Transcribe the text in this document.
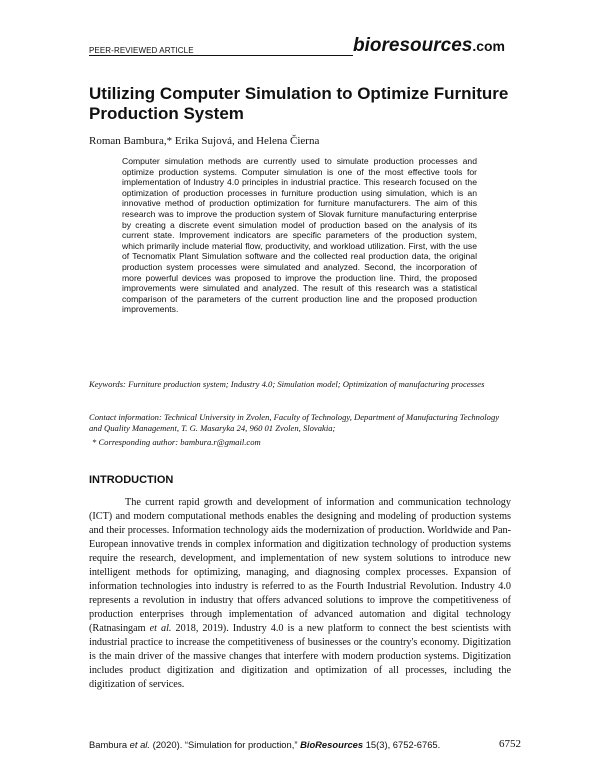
PEER-REVIEWED ARTICLE	bioresources.com
Utilizing Computer Simulation to Optimize Furniture Production System
Roman Bambura,* Erika Sujová, and Helena Čierna
Computer simulation methods are currently used to simulate production processes and optimize production systems. Computer simulation is one of the most effective tools for implementation of Industry 4.0 principles in industrial practice. This research focused on the optimization of production processes in furniture production using simulation, which is an innovative method of production optimization for furniture manufacturers. The aim of this research was to improve the production system of Slovak furniture manufacturing enterprise by creating a discrete event simulation model of production based on the analysis of its current state. Improvement indicators are specific parameters of the production system, which primarily include material flow, productivity, and workload utilization. First, with the use of Tecnomatix Plant Simulation software and the collected real production data, the original production system processes were simulated and analyzed. Second, the incorporation of more powerful devices was proposed to improve the production line. Third, the proposed improvements were simulated and analyzed. The result of this research was a statistical comparison of the parameters of the current production line and the proposed production improvements.
Keywords: Furniture production system; Industry 4.0; Simulation model; Optimization of manufacturing processes
Contact information: Technical University in Zvolen, Faculty of Technology, Department of Manufacturing Technology and Quality Management, T. G. Masaryka 24, 960 01 Zvolen, Slovakia;
* Corresponding author: bambura.r@gmail.com
INTRODUCTION
The current rapid growth and development of information and communication technology (ICT) and modern computational methods enables the designing and modeling of production systems and their processes. Information technology aids the modernization of production. Worldwide and Pan-European innovative trends in complex information and digitization technology of production systems require the research, development, and implementation of new system solutions to introduce new intelligent methods for optimizing, managing, and diagnosing complex processes. Expansion of information technologies into industry is referred to as the Fourth Industrial Revolution. Industry 4.0 represents a revolution in industry that offers advanced solutions to improve the competitiveness of production enterprises through implementation of advanced automation and digital technology (Ratnasingam et al. 2018, 2019). Industry 4.0 is a new platform to connect the best scientists with industrial practice to increase the competitiveness of businesses or the country's economy. Digitization is the main driver of the massive changes that interfere with modern production systems. Digitization includes product digitization and digitization and optimization of all processes, including the digitization of services.
Bambura et al. (2020). “Simulation for production,” BioResources 15(3), 6752-6765.	6752
